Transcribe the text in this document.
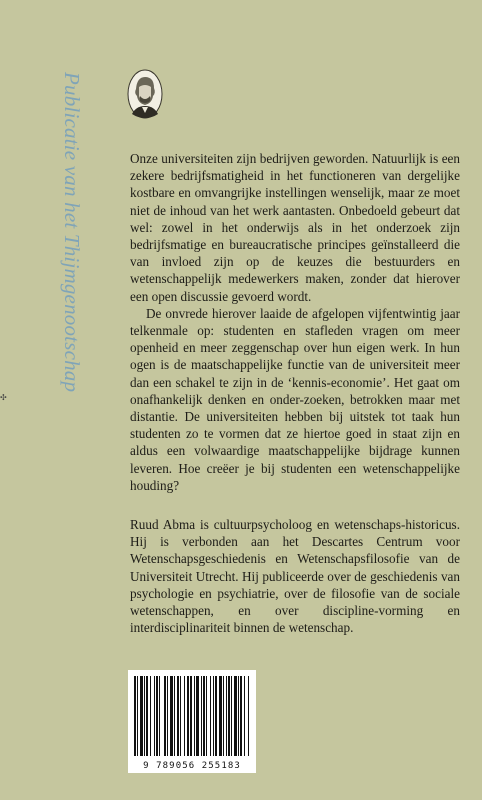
Publicatie van het Thijmgenootschap	Onze universiteiten zijn bedrijven geworden. Natuurlijk is een zekere bedrijfsmatigheid in het functioneren van dergelijke kostbare en omvangrijke instellingen wenselijk, maar ze moet niet de inhoud van het werk aantasten. Onbedoeld gebeurt dat wel: zowel in het onderwijs als in het onderzoek zijn bedrijfsmatige en bureaucratische principes geïnstalleerd die van invloed zijn op de keuzes die bestuurders en wetenschappelijk medewerkers maken, zonder dat hierover een open discussie gevoerd wordt.

De onvrede hierover laaide de afgelopen vijfentwintig jaar telkenmale op: studenten en stafleden vragen om meer openheid en meer zeggenschap over hun eigen werk. In hun ogen is de maatschappelijke functie van de universiteit meer dan een schakel te zijn in de ‘kennis-economie’. Het gaat om onafhankelijk denken en onder-zoeken, betrokken maar met distantie. De universiteiten hebben bij uitstek tot taak hun studenten zo te vormen dat ze hiertoe goed in staat zijn en aldus een volwaardige maatschappelijke bijdrage kunnen leveren. Hoe creëer je bij studenten een wetenschappelijke houding?

Ruud Abma is cultuurpsycholoog en wetenschaps-historicus. Hij is verbonden aan het Descartes Centrum voor Wetenschapsgeschiedenis en Wetenschapsfilosofie van de Universiteit Utrecht. Hij publiceerde over de geschiedenis van psychologie en psychiatrie, over de filosofie van de sociale wetenschappen, en over discipline-vorming en interdisciplinariteit binnen de wetenschap.

9 789056 255183
✣
